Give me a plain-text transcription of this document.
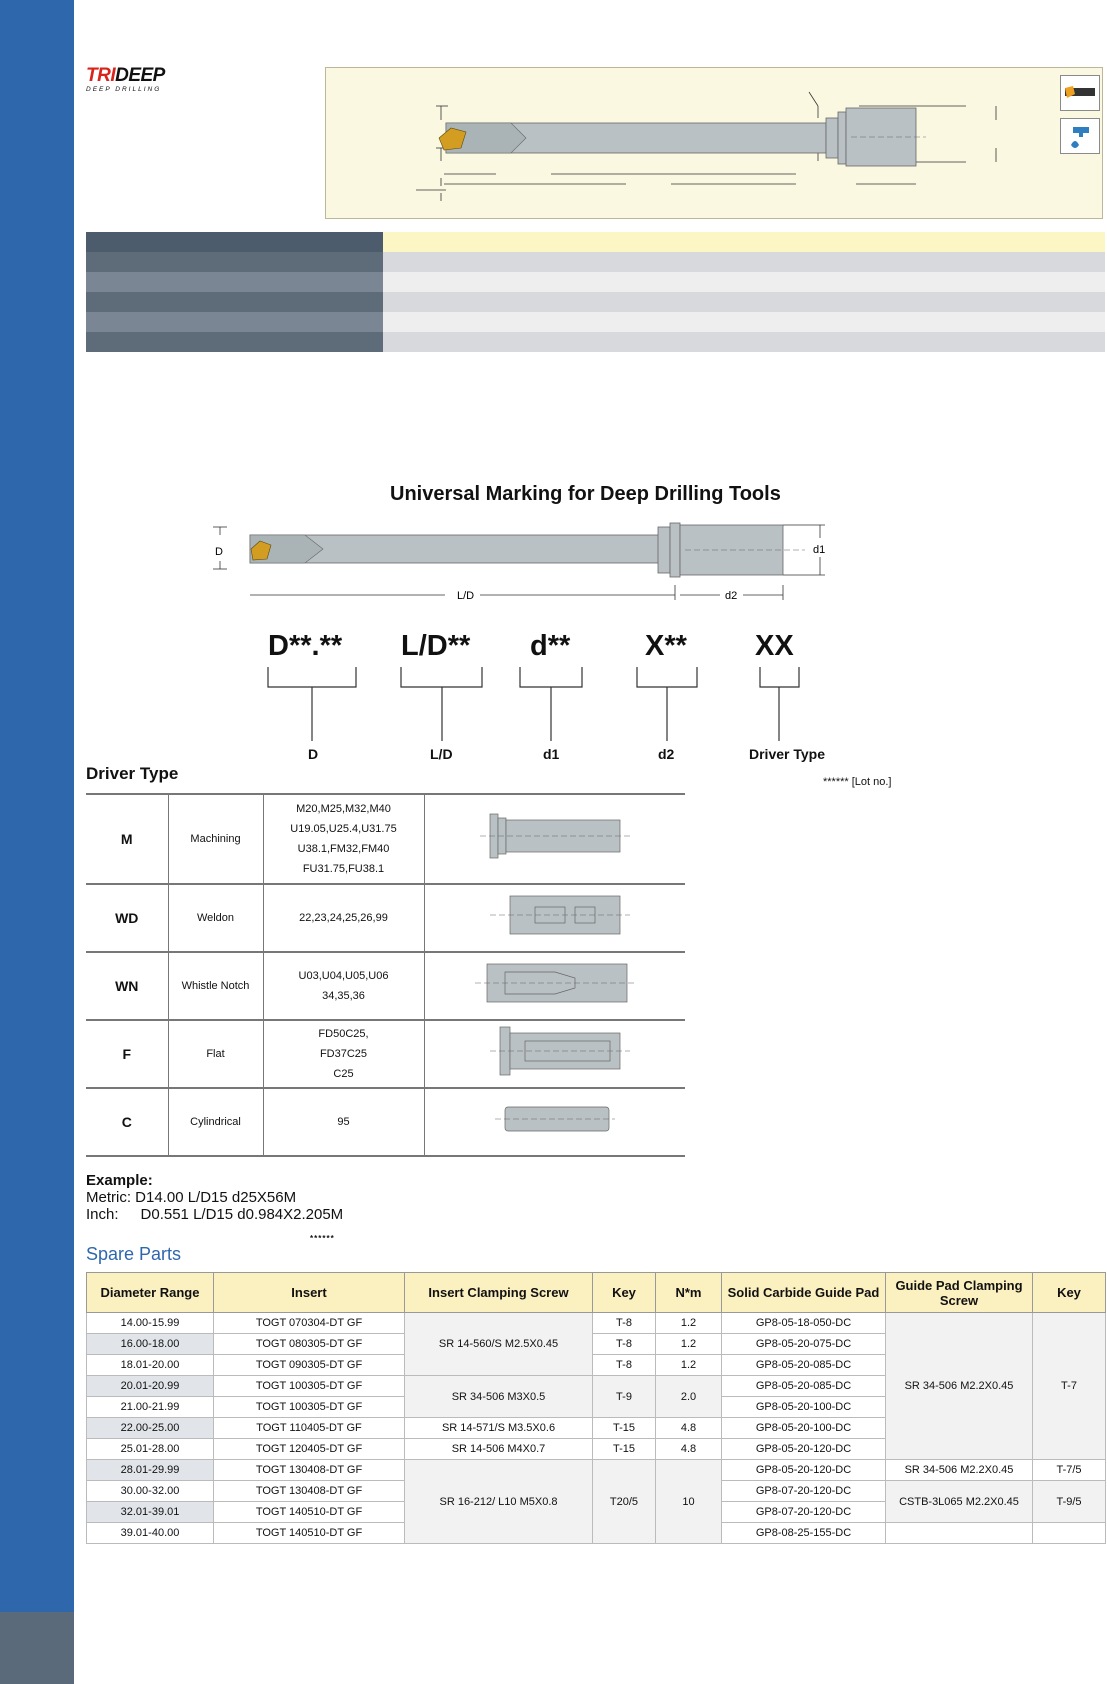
TRIDEEP
DEEP DRILLING
Universal Marking for Deep Drilling Tools
D
L/D	d2
d1
D**.** L/D** d**	X** XX
D	L/D	d1	d2	Driver Type
****** [Lot no.]
Driver Type
M	Machining	M20,M25,M32,M40
U19.05,U25.4,U31.75
U38.1,FM32,FM40
FU31.75,FU38.1

WD	Weldon	22,23,24,25,26,99

WN	Whistle Notch	U03,U04,U05,U06
34,35,36

F	Flat	FD50C25,
FD37C25
C25

C	Cylindrical	95

Example:
Metric: D14.00 L/D15 d25X56M
Inch: D0.551 L/D15 d0.984X2.205M
******
Spare Parts
Diameter Range	Insert	Insert Clamping Screw	Key	N*m	Solid Carbide Guide Pad	Guide Pad Clamping Screw	Key
14.00-15.99	TOGT 070304-DT GF	SR 14-560/S M2.5X0.45	T-8	1.2	GP8-05-18-050-DC	SR 34-506 M2.2X0.45	T-7
16.00-18.00	TOGT 080305-DT GF		T-8	1.2	GP8-05-20-075-DC		
18.01-20.00	TOGT 090305-DT GF		T-8	1.2	GP8-05-20-085-DC		
20.01-20.99	TOGT 100305-DT GF	SR 34-506 M3X0.5	T-9	2.0	GP8-05-20-085-DC		
21.00-21.99	TOGT 100305-DT GF				GP8-05-20-100-DC		
22.00-25.00	TOGT 110405-DT GF	SR 14-571/S M3.5X0.6	T-15	4.8	GP8-05-20-100-DC		
25.01-28.00	TOGT 120405-DT GF	SR 14-506 M4X0.7	T-15	4.8	GP8-05-20-120-DC		
28.01-29.99	TOGT 130408-DT GF	SR 16-212/ L10 M5X0.8	T20/5	10	GP8-05-20-120-DC	SR 34-506 M2.2X0.45	T-7/5
30.00-32.00	TOGT 130408-DT GF				GP8-07-20-120-DC	CSTB-3L065 M2.2X0.45	T-9/5
32.01-39.01	TOGT 140510-DT GF				GP8-07-20-120-DC		
39.01-40.00	TOGT 140510-DT GF				GP8-08-25-155-DC		
